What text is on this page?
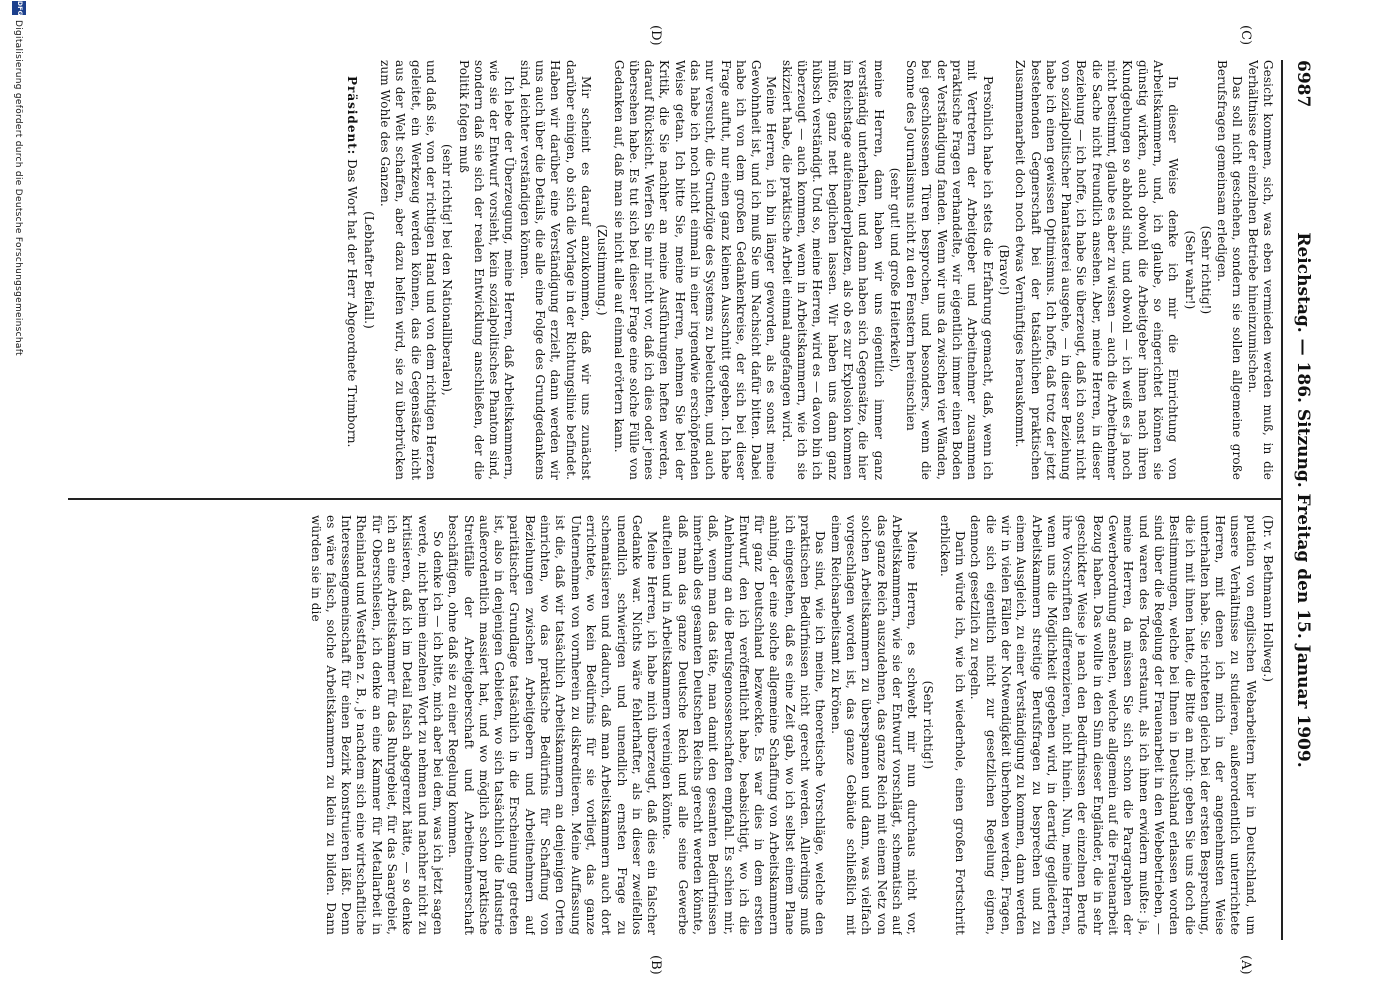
6987
Reichstag. — 186. Sitzung. Freitag den 15. Januar 1909.
(C)
(D)
(A)
(B)

Gesicht kommen, sich, was eben vermieden werden muß, in die Verhältnisse der einzelnen Betriebe hineinzumischen.

Das soll nicht geschehen, sondern sie sollen allgemeine große Berufsfragen gemeinsam erledigen.

(Sehr richtig!)

(Sehr wahr!)

In dieser Weise denke ich mir die Einrichtung von Arbeitskammern, und, ich glaube, so eingerichtet können sie günstig wirken, auch obwohl die Arbeitgeber ihnen nach ihren Kundgebungen so abhold sind, und obwohl — ich weiß es ja noch nicht bestimmt, glaube es aber zu wissen — auch die Arbeitnehmer die Sache nicht freundlich ansehen. Aber, meine Herren, in dieser Beziehung — ich hoffe, ich habe Sie überzeugt, daß ich sonst nicht von sozialpolitischer Phantasterei ausgehe, — in dieser Beziehung habe ich einen gewissen Optimismus. Ich hoffe, daß trotz der jetzt bestehenden Gegnerschaft bei der tatsächlichen praktischen Zusammenarbeit doch noch etwas Vernünftiges herauskommt.

(Bravo!)

Persönlich habe ich stets die Erfahrung gemacht, daß, wenn ich mit Vertretern der Arbeitgeber und Arbeitnehmer zusammen praktische Fragen verhandelte, wir eigentlich immer einen Boden der Verständigung fanden. Wenn wir uns da zwischen vier Wänden, bei geschlossenen Türen besprochen, und besonders, wenn die Sonne des Journalismus nicht zu den Fenstern hereinschien

(sehr gut! und große Heiterkeit),

meine Herren, dann haben wir uns eigentlich immer ganz verständig unterhalten, und dann haben sich Gegensätze, die hier im Reichstage aufeinanderplatzen, als ob es zur Explosion kommen müßte, ganz nett beglichen lassen. Wir haben uns dann ganz hübsch verständigt. Und so, meine Herren, wird es — davon bin ich überzeugt — auch kommen, wenn in Arbeitskammern, wie ich sie skizziert habe, die praktische Arbeit einmal angefangen wird.

Meine Herren, ich bin länger geworden, als es sonst meine Gewohnheit ist, und ich muß Sie um Nachsicht dafür bitten. Dabei habe ich von dem großen Gedankenkreise, der sich bei dieser Frage auftut, nur einen ganz kleinen Ausschnitt gegeben. Ich habe nur versucht, die Grundzüge des Systems zu beleuchten, und auch das habe ich noch nicht einmal in einer irgendwie erschöpfenden Weise getan. Ich bitte Sie, meine Herren, nehmen Sie bei der Kritik, die Sie nachher an meine Ausführungen heften werden, darauf Rücksicht. Werfen Sie mir nicht vor, daß ich dies oder jenes übersehen habe. Es tut sich bei dieser Frage eine solche Fülle von Gedanken auf, daß man sie nicht alle auf einmal erörtern kann.

(Zustimmung.)

Mir scheint es darauf anzukommen, daß wir uns zunächst darüber einigen, ob sich die Vorlage in der Richtungslinie befindet. Haben wir darüber eine Verständigung erzielt, dann werden wir uns auch über die Details, die alle eine Folge des Grundgedankens sind, leichter verständigen können.

Ich lebe der Überzeugung, meine Herren, daß Arbeitskammern, wie sie der Entwurf vorsieht, kein sozialpolitisches Phantom sind, sondern daß sie sich der realen Entwicklung anschließen, der die Politik folgen muß

(sehr richtig! bei den Nationalliberalen),

und daß sie, von der richtigen Hand und von dem richtigen Herzen geleitet, ein Werkzeug werden können, das die Gegensätze nicht aus der Welt schaffen, aber dazu helfen wird, sie zu überbrücken zum Wohle des Ganzen.

(Lebhafter Beifall.)

Präsident: Das Wort hat der Herr Abgeordnete Trimborn.

(Dr. v. Bethmann Hollweg.)

putation von englischen Webarbeitern hier in Deutschland, um unsere Verhältnisse zu studieren, außerordentlich unterrichtete Herren, mit denen ich mich in der angenehmsten Weise unterhalten habe. Sie richteten gleich bei der ersten Besprechung, die ich mit ihnen hatte, die Bitte an mich: geben Sie uns doch die Bestimmungen, welche bei Ihnen in Deutschland erlassen worden sind über die Regelung der Frauenarbeit in den Webebetrieben, — und waren des Todes erstaunt, als ich ihnen erwidern mußte: ja, meine Herren, da müssen Sie sich schon die Paragraphen der Gewerbeordnung ansehen, welche allgemein auf die Frauenarbeit Bezug haben. Das wollte in den Sinn dieser Engländer, die in sehr geschickter Weise je nach den Bedürfnissen der einzelnen Berufe ihre Vorschriften differenzieren, nicht hinein. Nun, meine Herren, wenn uns die Möglichkeit gegeben wird, in derartig gegliederten Arbeitskammern streitige Berufsfragen zu besprechen und zu einem Ausgleich, zu einer Verständigung zu kommen, dann werden wir in vielen Fällen der Notwendigkeit überhoben werden, Fragen, die sich eigentlich nicht zur gesetzlichen Regelung eignen, dennoch gesetzlich zu regeln.

Darin würde ich, wie ich wiederhole, einen großen Fortschritt erblicken.

(Sehr richtig!)

Meine Herren, es schwebt mir nun durchaus nicht vor, Arbeitskammern, wie sie der Entwurf vorschlägt, schematisch auf das ganze Reich auszudehnen, das ganze Reich mit einem Netz von solchen Arbeitskammern zu überspannen und dann, was vielfach vorgeschlagen worden ist, das ganze Gebäude schließlich mit einem Reichsarbeitsamt zu krönen.

Das sind, wie ich meine, theoretische Vorschläge, welche den praktischen Bedürfnissen nicht gerecht werden. Allerdings muß ich eingestehen, daß es eine Zeit gab, wo ich selbst einem Plane anhing, der eine solche allgemeine Schaffung von Arbeitskammern für ganz Deutschland bezweckte. Es war dies in dem ersten Entwurf, den ich veröffentlicht habe, beabsichtigt, wo ich die Anlehnung an die Berufsgenossenschaften empfahl. Es schien mir, daß, wenn man das täte, man damit den gesamten Bedürfnissen innerhalb des gesamten Deutschen Reichs gerecht werden könnte, daß man das ganze Deutsche Reich und alle seine Gewerbe aufteilen und in Arbeitskammern vereinigen könnte.

Meine Herren, ich habe mich überzeugt, daß dies ein falscher Gedanke war. Nichts wäre fehlerhafter, als in dieser zweifellos unendlich schwierigen und unendlich ernsten Frage zu schematisieren und dadurch, daß man Arbeitskammern auch dort errichtete, wo kein Bedürfnis für sie vorliegt, das ganze Unternehmen von vornherein zu diskreditieren. Meine Auffassung ist die, daß wir tatsächlich Arbeitskammern an denjenigen Orten einrichten, wo das praktische Bedürfnis für Schaffung von Beziehungen zwischen Arbeitgebern und Arbeitnehmern auf paritätischer Grundlage tatsächlich in die Erscheinung getreten ist, also in denjenigen Gebieten, wo sich tatsächlich die Industrie außerordentlich massiert hat, und wo möglich schon praktische Streitfälle der Arbeitgeberschaft und Arbeitnehmerschaft beschäftigen, ohne daß sie zu einer Regelung kommen.

So denke ich — ich bitte, mich aber bei dem, was ich jetzt sagen werde, nicht beim einzelnen Wort zu nehmen und nachher nicht zu kritisieren, daß ich im Detail falsch abgegrenzt hätte, — so denke ich an eine Arbeitskammer für das Ruhrgebiet, für das Saargebiet, für Oberschlesien, ich denke an eine Kammer für Metallarbeit in Rheinland und Westfalen z. B., je nachdem sich eine wirtschaftliche Interessengemeinschaft für einen Bezirk konstruieren läßt. Denn es wäre falsch, solche Arbeitskammern zu klein zu bilden. Dann würden sie in die

DFG
Digitalisierung gefördert durch die Deutsche Forschungsgemeinschaft
